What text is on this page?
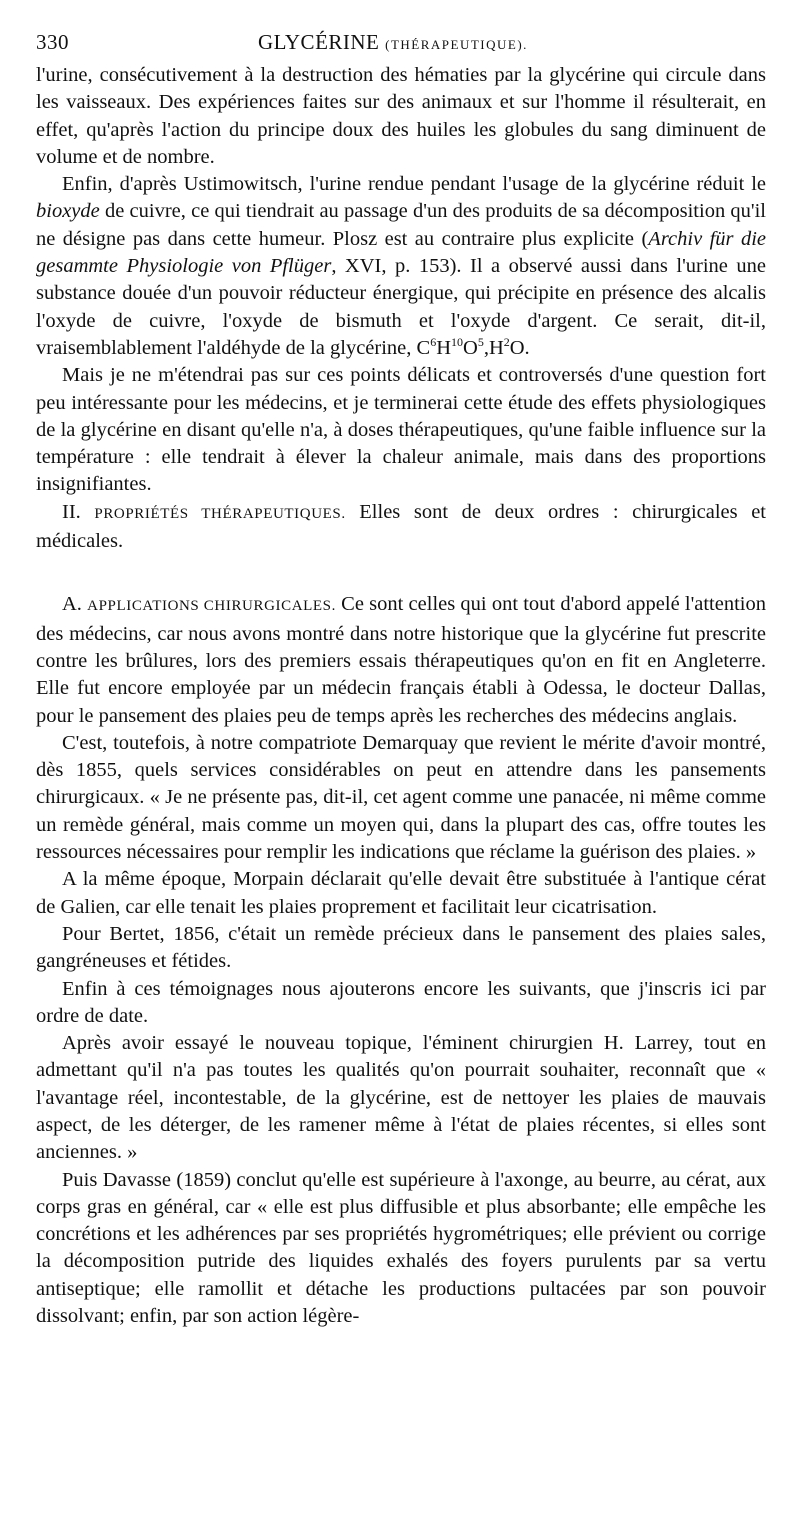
330	GLYCÉRINE (THÉRAPEUTIQUE).

l'urine, consécutivement à la destruction des hématies par la glycérine qui circule dans les vaisseaux. Des expériences faites sur des animaux et sur l'homme il résulterait, en effet, qu'après l'action du principe doux des huiles les globules du sang diminuent de volume et de nombre.

Enfin, d'après Ustimowitsch, l'urine rendue pendant l'usage de la glycérine réduit le bioxyde de cuivre, ce qui tiendrait au passage d'un des produits de sa décomposition qu'il ne désigne pas dans cette humeur. Plosz est au contraire plus explicite (Archiv für die gesammte Physiologie von Pflüger, XVI, p. 153). Il a observé aussi dans l'urine une substance douée d'un pouvoir réducteur énergique, qui précipite en présence des alcalis l'oxyde de cuivre, l'oxyde de bismuth et l'oxyde d'argent. Ce serait, dit-il, vraisemblablement l'aldéhyde de la glycérine, $C^6H^{10}O^5,H^2O$.

Mais je ne m'étendrai pas sur ces points délicats et controversés d'une question fort peu intéressante pour les médecins, et je terminerai cette étude des effets physiologiques de la glycérine en disant qu'elle n'a, à doses thérapeutiques, qu'une faible influence sur la température : elle tendrait à élever la chaleur animale, mais dans des proportions insignifiantes.

II. PROPRIÉTÉS THÉRAPEUTIQUES. Elles sont de deux ordres : chirurgicales et médicales.

A. APPLICATIONS CHIRURGICALES. Ce sont celles qui ont tout d'abord appelé l'attention des médecins, car nous avons montré dans notre historique que la glycérine fut prescrite contre les brûlures, lors des premiers essais thérapeutiques qu'on en fit en Angleterre. Elle fut encore employée par un médecin français établi à Odessa, le docteur Dallas, pour le pansement des plaies peu de temps après les recherches des médecins anglais.

C'est, toutefois, à notre compatriote Demarquay que revient le mérite d'avoir montré, dès 1855, quels services considérables on peut en attendre dans les pansements chirurgicaux. « Je ne présente pas, dit-il, cet agent comme une panacée, ni même comme un remède général, mais comme un moyen qui, dans la plupart des cas, offre toutes les ressources nécessaires pour remplir les indications que réclame la guérison des plaies. »

A la même époque, Morpain déclarait qu'elle devait être substituée à l'antique cérat de Galien, car elle tenait les plaies proprement et facilitait leur cicatrisation.

Pour Bertet, 1856, c'était un remède précieux dans le pansement des plaies sales, gangréneuses et fétides.

Enfin à ces témoignages nous ajouterons encore les suivants, que j'inscris ici par ordre de date.

Après avoir essayé le nouveau topique, l'éminent chirurgien H. Larrey, tout en admettant qu'il n'a pas toutes les qualités qu'on pourrait souhaiter, reconnaît que « l'avantage réel, incontestable, de la glycérine, est de nettoyer les plaies de mauvais aspect, de les déterger, de les ramener même à l'état de plaies récentes, si elles sont anciennes. »

Puis Davasse (1859) conclut qu'elle est supérieure à l'axonge, au beurre, au cérat, aux corps gras en général, car « elle est plus diffusible et plus absorbante; elle empêche les concrétions et les adhérences par ses propriétés hygrométriques; elle prévient ou corrige la décomposition putride des liquides exhalés des foyers purulents par sa vertu antiseptique; elle ramollit et détache les productions pultacées par son pouvoir dissolvant; enfin, par son action légère-
